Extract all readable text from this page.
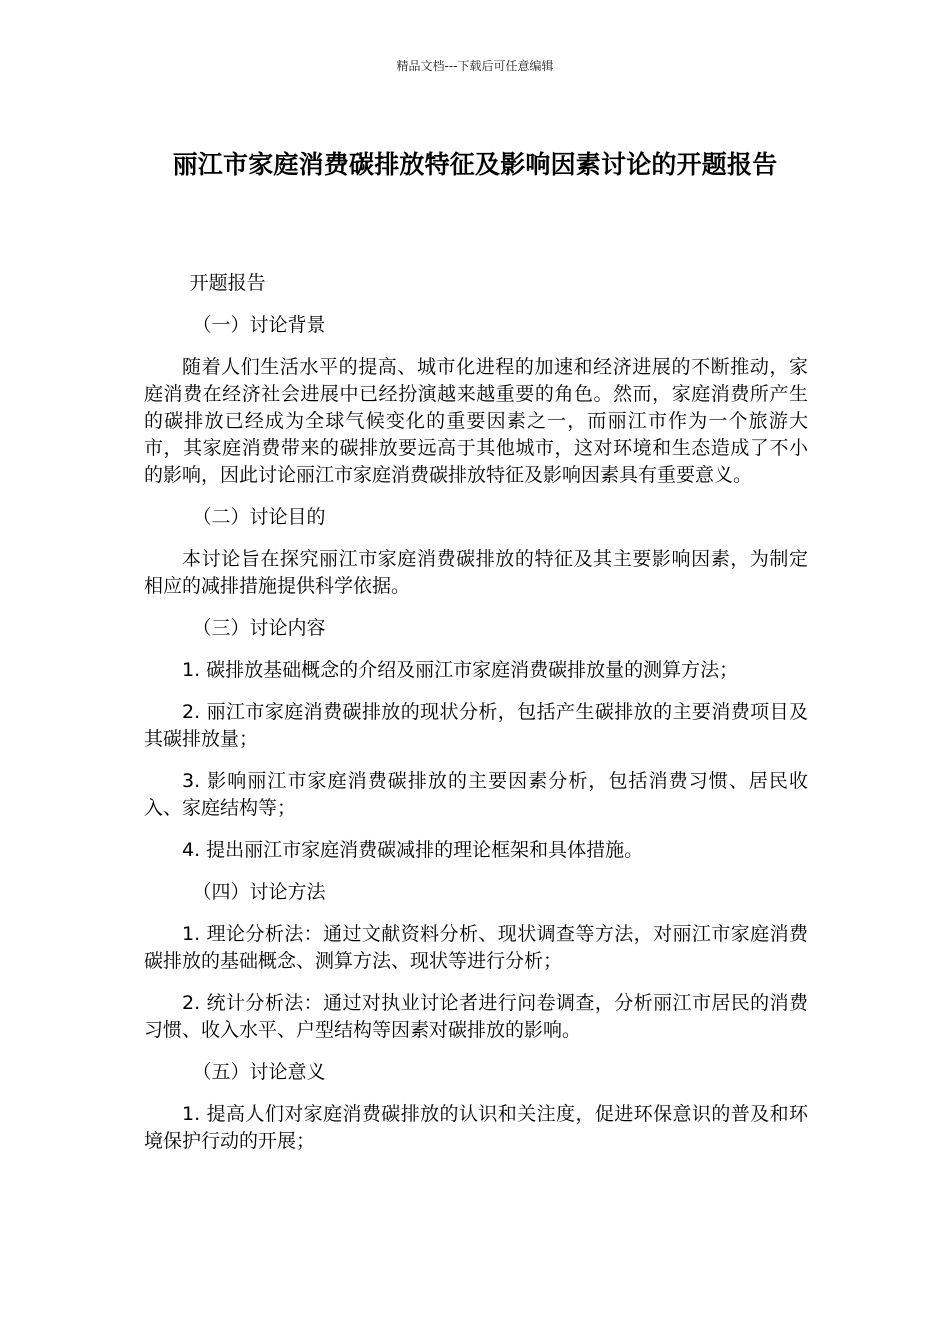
精品文档---下载后可任意编辑
丽江市家庭消费碳排放特征及影响因素讨论的开题报告

开题报告

（一）讨论背景

随着人们生活水平的提高、城市化进程的加速和经济进展的不断推动，家庭消费在经济社会进展中已经扮演越来越重要的角色。然而，家庭消费所产生的碳排放已经成为全球气候变化的重要因素之一，而丽江市作为一个旅游大市，其家庭消费带来的碳排放要远高于其他城市，这对环境和生态造成了不小的影响，因此讨论丽江市家庭消费碳排放特征及影响因素具有重要意义。

（二）讨论目的

本讨论旨在探究丽江市家庭消费碳排放的特征及其主要影响因素，为制定相应的减排措施提供科学依据。

（三）讨论内容

1. 碳排放基础概念的介绍及丽江市家庭消费碳排放量的测算方法；

2. 丽江市家庭消费碳排放的现状分析，包括产生碳排放的主要消费项目及其碳排放量；

3. 影响丽江市家庭消费碳排放的主要因素分析，包括消费习惯、居民收入、家庭结构等；

4. 提出丽江市家庭消费碳减排的理论框架和具体措施。

（四）讨论方法

1. 理论分析法：通过文献资料分析、现状调查等方法，对丽江市家庭消费碳排放的基础概念、测算方法、现状等进行分析；

2. 统计分析法：通过对执业讨论者进行问卷调查，分析丽江市居民的消费习惯、收入水平、户型结构等因素对碳排放的影响。

（五）讨论意义

1. 提高人们对家庭消费碳排放的认识和关注度，促进环保意识的普及和环境保护行动的开展；
